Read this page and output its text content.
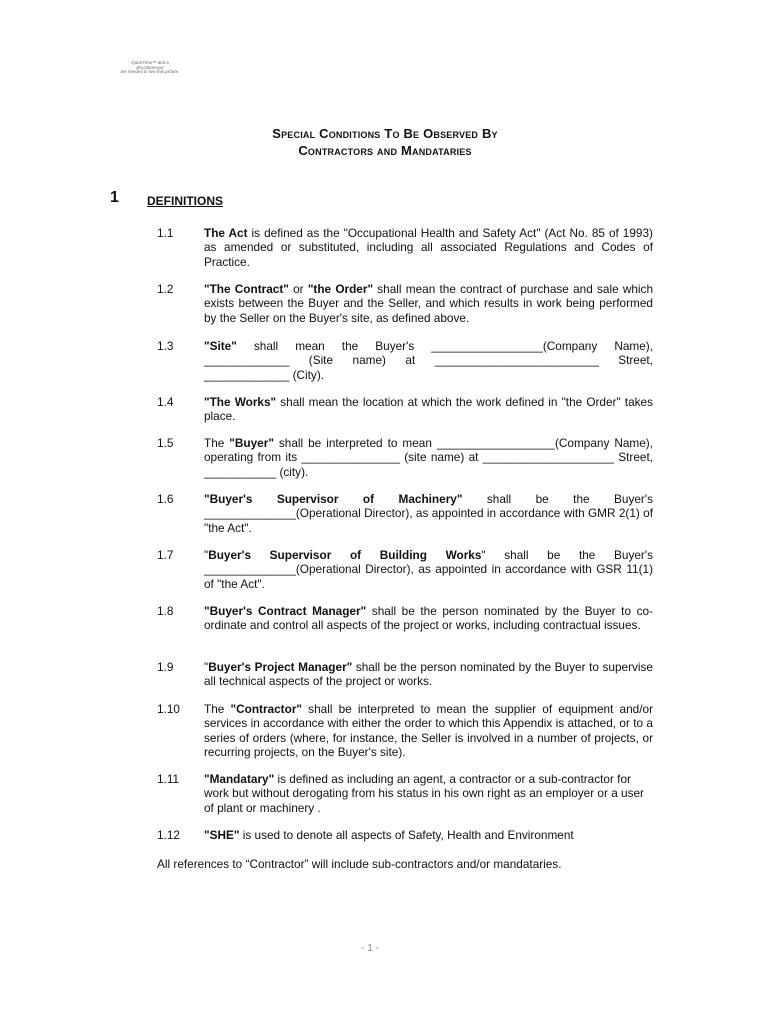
QuickTime™ and a
decompressor
are needed to see this picture.
Special Conditions To Be Observed By
Contractors and Mandataries
1 DEFINITIONS
1.1	The Act is defined as the "Occupational Health and Safety Act" (Act No. 85 of 1993) as amended or substituted, including all associated Regulations and Codes of Practice.
1.2	"The Contract" or "the Order" shall mean the contract of purchase and sale which exists between the Buyer and the Seller, and which results in work being performed by the Seller on the Buyer's site, as defined above.
1.3	"Site" shall mean the Buyer's _________________(Company Name), _____________ (Site name) at _________________________ Street, _____________ (City).
1.4	"The Works" shall mean the location at which the work defined in "the Order" takes place.
1.5	The "Buyer" shall be interpreted to mean __________________(Company Name), operating from its _______________ (site name) at ____________________ Street, ___________ (city).
1.6	"Buyer's Supervisor of Machinery" shall be the Buyer's ______________(Operational Director), as appointed in accordance with GMR 2(1) of "the Act".
1.7	"Buyer's Supervisor of Building Works" shall be the Buyer's ______________(Operational Director), as appointed in accordance with GSR 11(1) of "the Act".
1.8	"Buyer's Contract Manager" shall be the person nominated by the Buyer to co-ordinate and control all aspects of the project or works, including contractual issues.
1.9	"Buyer's Project Manager" shall be the person nominated by the Buyer to supervise all technical aspects of the project or works.
1.10	The "Contractor" shall be interpreted to mean the supplier of equipment and/or services in accordance with either the order to which this Appendix is attached, or to a series of orders (where, for instance, the Seller is involved in a number of projects, or recurring projects, on the Buyer's site).
1.11	"Mandatary" is defined as including an agent, a contractor or a sub-contractor for work but without derogating from his status in his own right as an employer or a user of plant or machinery .
1.12	"SHE" is used to denote all aspects of Safety, Health and Environment
All references to “Contractor” will include sub-contractors and/or mandataries.
- 1 -
